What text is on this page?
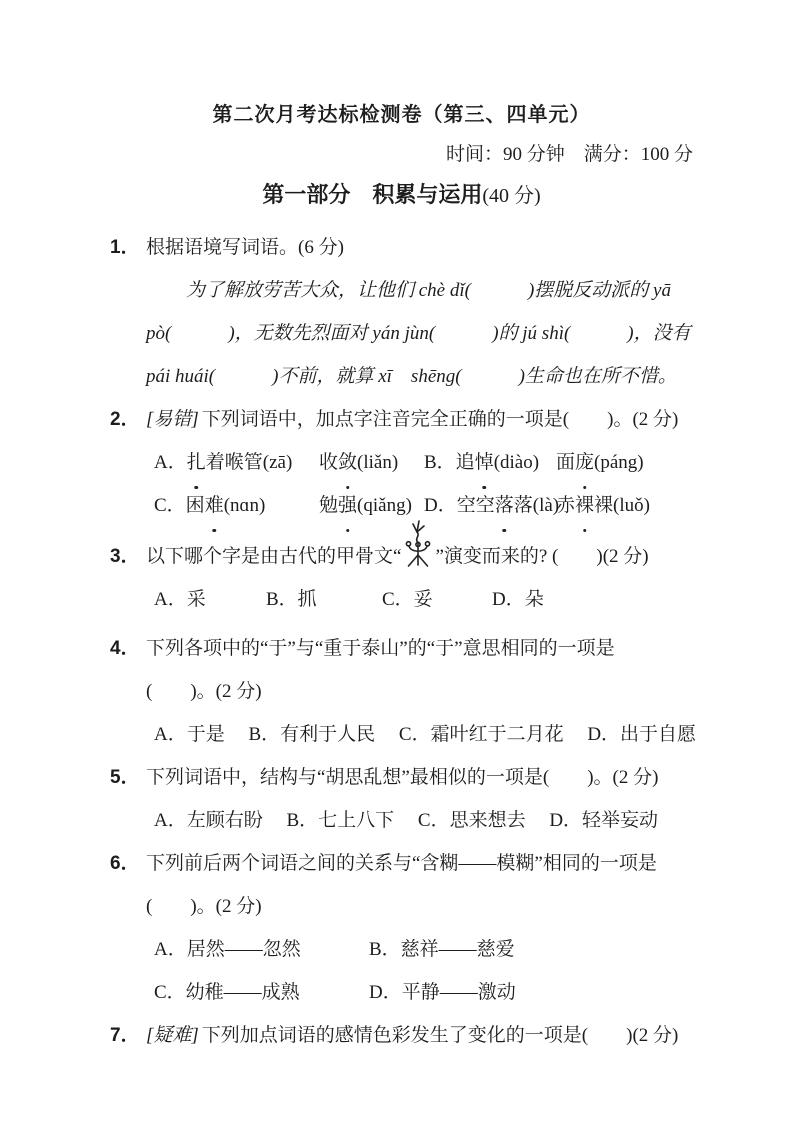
第二次月考达标检测卷（第三、四单元）
时间：90 分钟　满分：100 分
第一部分　积累与运用(40 分)
1． 根据语境写词语。(6 分)
为了解放劳苦大众，让他们 chè dǐ(　　　)摆脱反动派的 yā
pò(　　　)，无数先烈面对 yán jùn(　　　)的 jú shì(　　　)，没有
pái huái(　　　)不前，就算 xī　shēng(　　　)生命也在所不惜。
2． [易错] 下列词语中，加点字注音完全正确的一项是(　　)。(2 分)
A．扎着喉管(zā)	收敛(liǎn)	B．追悼(diào) 面庞(páng)
C．困难(nɑn)	勉强(qiǎng) D．空空落落(là)
赤裸裸(luǒ)
3． 以下哪个字是由古代的甲骨文“ ”演变而来的? (　　)(2 分)
A．采	B．抓	C．妥	D．朵
4． 下列各项中的“于”与“重于泰山”的“于”意思相同的一项是
(　　)。(2 分)
A．于是　 B．有利于人民　 C．霜叶红于二月花　 D．出于自愿
5． 下列词语中，结构与“胡思乱想”最相似的一项是(　　)。(2 分)
A．左顾右盼　 B．七上八下　 C．思来想去　 D．轻举妄动
6． 下列前后两个词语之间的关系与“含糊——模糊”相同的一项是
(　　)。(2 分)
A．居然——忽然	B．慈祥——慈爱
C．幼稚——成熟	D．平静——激动
7． [疑难] 下列加点词语的感情色彩发生了变化的一项是(　　)(2 分)
